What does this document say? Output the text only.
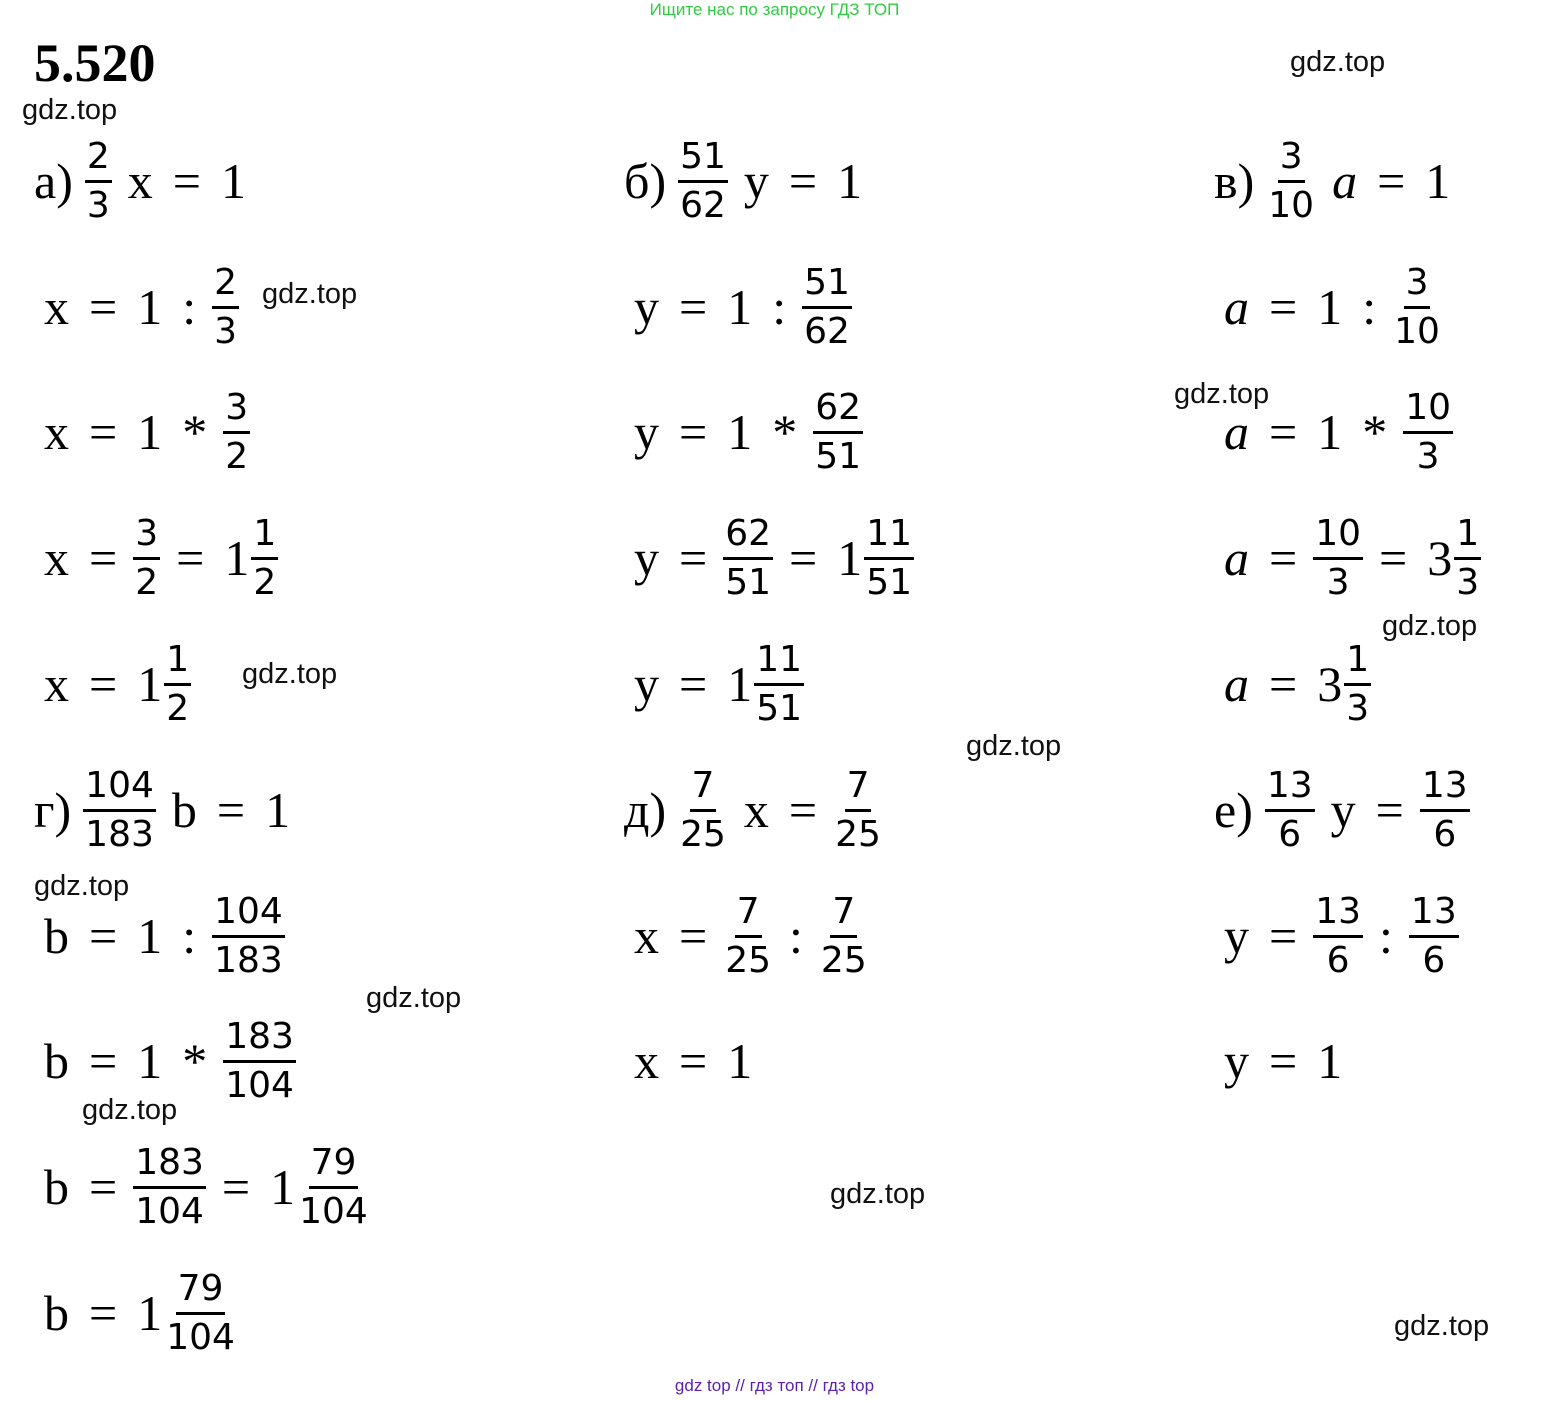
Ищите нас по запросу ГДЗ ТОП
5.520
$а) \frac{2}{3}$ x = 1
x = 1 : $\frac{2}{3}$
$x = 1 * \frac{3}{2}$
$x = \frac{3}{2} = 1 \frac{1}{2}$
$x = 1 \frac{1}{2}$
$б) \frac{51}{62}$ y = 1
y = 1 : $\frac{51}{62}$
$y = 1 * \frac{62}{51}$
$y = \frac{62}{51} = 1 \frac{11}{51}$
$y = 1 \frac{11}{51}$
$в) \frac{3}{10}$ a = 1
a = 1 : $\frac{3}{10}$
$a = 1 * \frac{10}{3}$
$a = \frac{10}{3} = 3 \frac{1}{3}$
$a = 3 \frac{1}{3}$
$г) \frac{104}{183}$ b = 1
b = 1 : $\frac{104}{183}$
$b = 1 * \frac{183}{104}$
$b = \frac{183}{104} = 1 \frac{79}{104}$
$b = 1 \frac{79}{104}$
$д) \frac{7}{25}$ $x = \frac{7}{25}$
$x = \frac{7}{25}$ : $\frac{7}{25}$
x = 1
$е) \frac{13}{6}$ $y = \frac{13}{6}$
$y = \frac{13}{6}$ : $\frac{13}{6}$
y = 1
gdz.top
gdz.top
gdz.top
gdz.top
gdz.top
gdz.top
gdz.top
gdz.top
gdz.top
gdz.top
gdz.top
gdz.top
gdz top // гдз топ // гдз top
